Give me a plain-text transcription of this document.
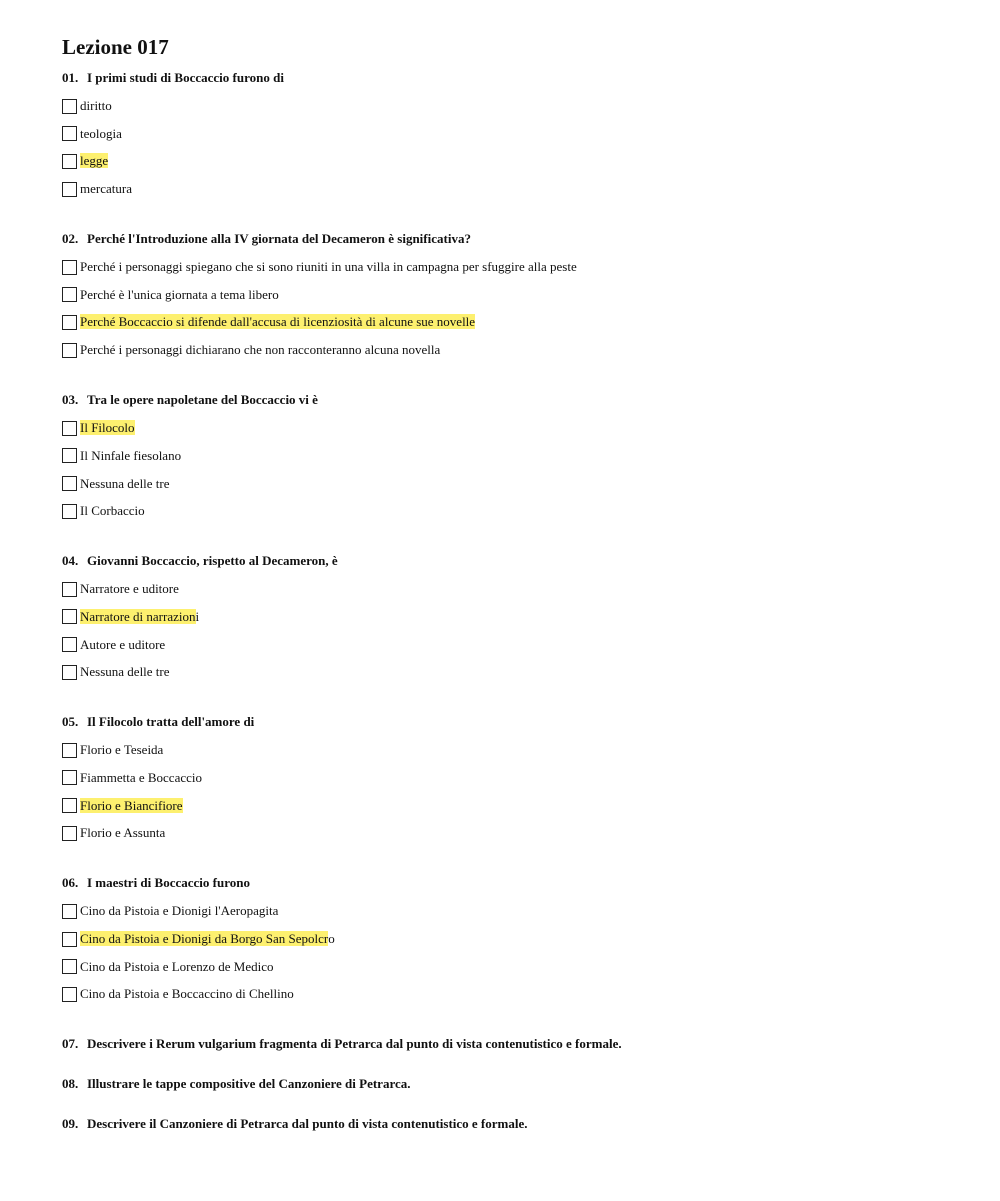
Lezione 017
01. I primi studi di Boccaccio furono di
diritto
teologia
legge
mercatura
02. Perché l'Introduzione alla IV giornata del Decameron è significativa?
Perché i personaggi spiegano che si sono riuniti in una villa in campagna per sfuggire alla peste
Perché è l'unica giornata a tema libero
Perché Boccaccio si difende dall'accusa di licenziosità di alcune sue novelle
Perché i personaggi dichiarano che non racconteranno alcuna novella
03. Tra le opere napoletane del Boccaccio vi è
Il Filocolo
Il Ninfale fiesolano
Nessuna delle tre
Il Corbaccio
04. Giovanni Boccaccio, rispetto al Decameron, è
Narratore e uditore
Narratore di narrazioni
Autore e uditore
Nessuna delle tre
05. Il Filocolo tratta dell'amore di
Florio e Teseida
Fiammetta e Boccaccio
Florio e Biancifiore
Florio e Assunta
06. I maestri di Boccaccio furono
Cino da Pistoia e Dionigi l'Aeropagita
Cino da Pistoia e Dionigi da Borgo San Sepolcro
Cino da Pistoia e Lorenzo de Medico
Cino da Pistoia e Boccaccino di Chellino
07. Descrivere i Rerum vulgarium fragmenta di Petrarca dal punto di vista contenutistico e formale.
08. Illustrare le tappe compositive del Canzoniere di Petrarca.
09. Descrivere il Canzoniere di Petrarca dal punto di vista contenutistico e formale.
